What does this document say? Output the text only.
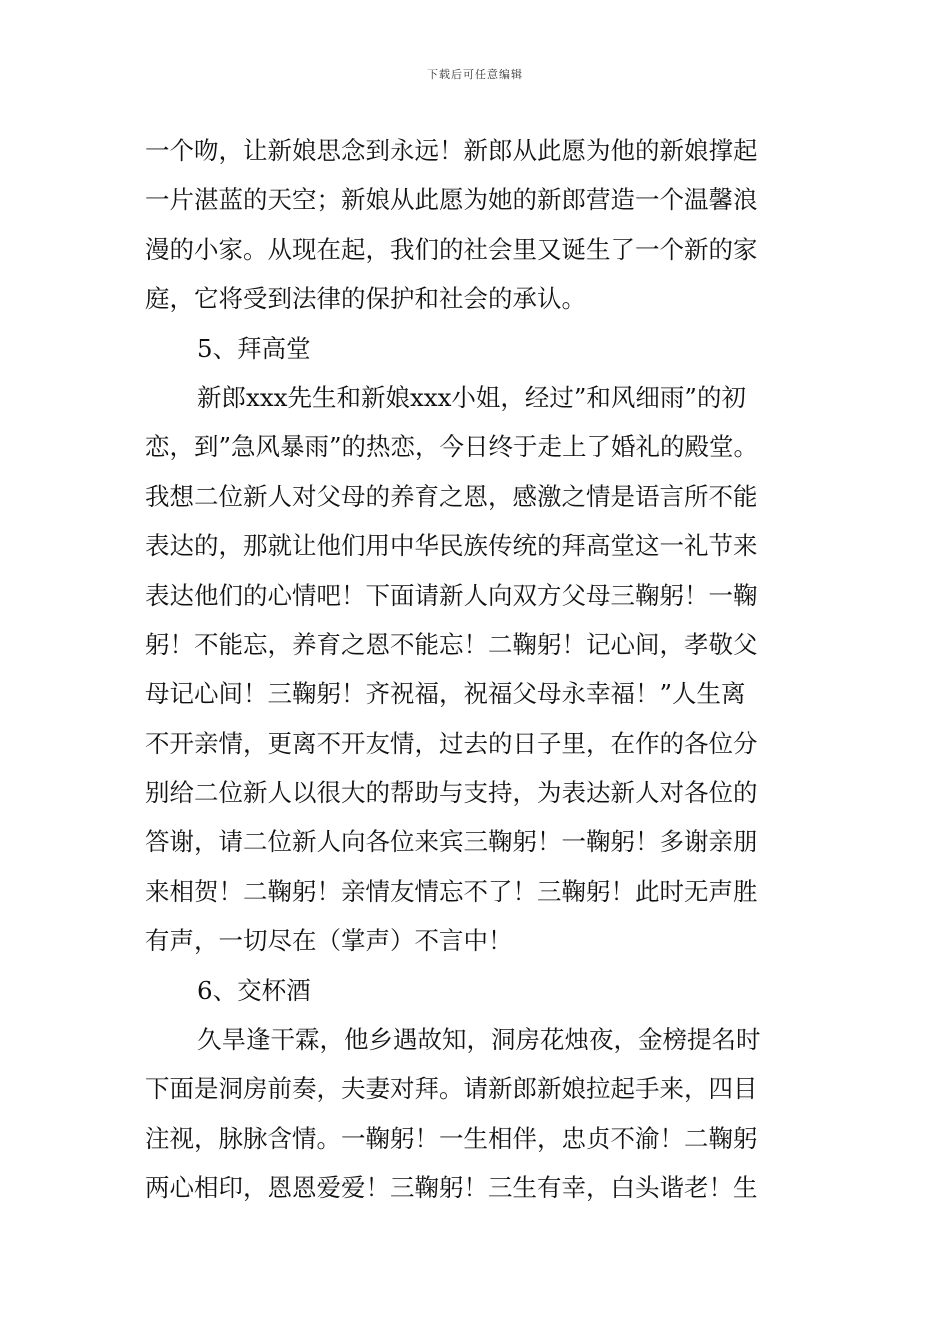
下载后可任意编辑
一个吻，让新娘思念到永远！新郎从此愿为他的新娘撑起
一片湛蓝的天空；新娘从此愿为她的新郎营造一个温馨浪
漫的小家。从现在起，我们的社会里又诞生了一个新的家
庭，它将受到法律的保护和社会的承认。
5、拜高堂
新郎xxx先生和新娘xxx小姐，经过”和风细雨”的初
恋，到”急风暴雨”的热恋，今日终于走上了婚礼的殿堂。
我想二位新人对父母的养育之恩，感激之情是语言所不能
表达的，那就让他们用中华民族传统的拜高堂这一礼节来
表达他们的心情吧！下面请新人向双方父母三鞠躬！一鞠
躬！不能忘，养育之恩不能忘！二鞠躬！记心间，孝敬父
母记心间！三鞠躬！齐祝福，祝福父母永幸福！”人生离
不开亲情，更离不开友情，过去的日子里，在作的各位分
别给二位新人以很大的帮助与支持，为表达新人对各位的
答谢，请二位新人向各位来宾三鞠躬！一鞠躬！多谢亲朋
来相贺！二鞠躬！亲情友情忘不了！三鞠躬！此时无声胜
有声，一切尽在（掌声）不言中！
6、交杯酒
久旱逢干霖，他乡遇故知，洞房花烛夜，金榜提名时
下面是洞房前奏，夫妻对拜。请新郎新娘拉起手来，四目
注视，脉脉含情。一鞠躬！一生相伴，忠贞不渝！二鞠躬
两心相印，恩恩爱爱！三鞠躬！三生有幸，白头谐老！生
